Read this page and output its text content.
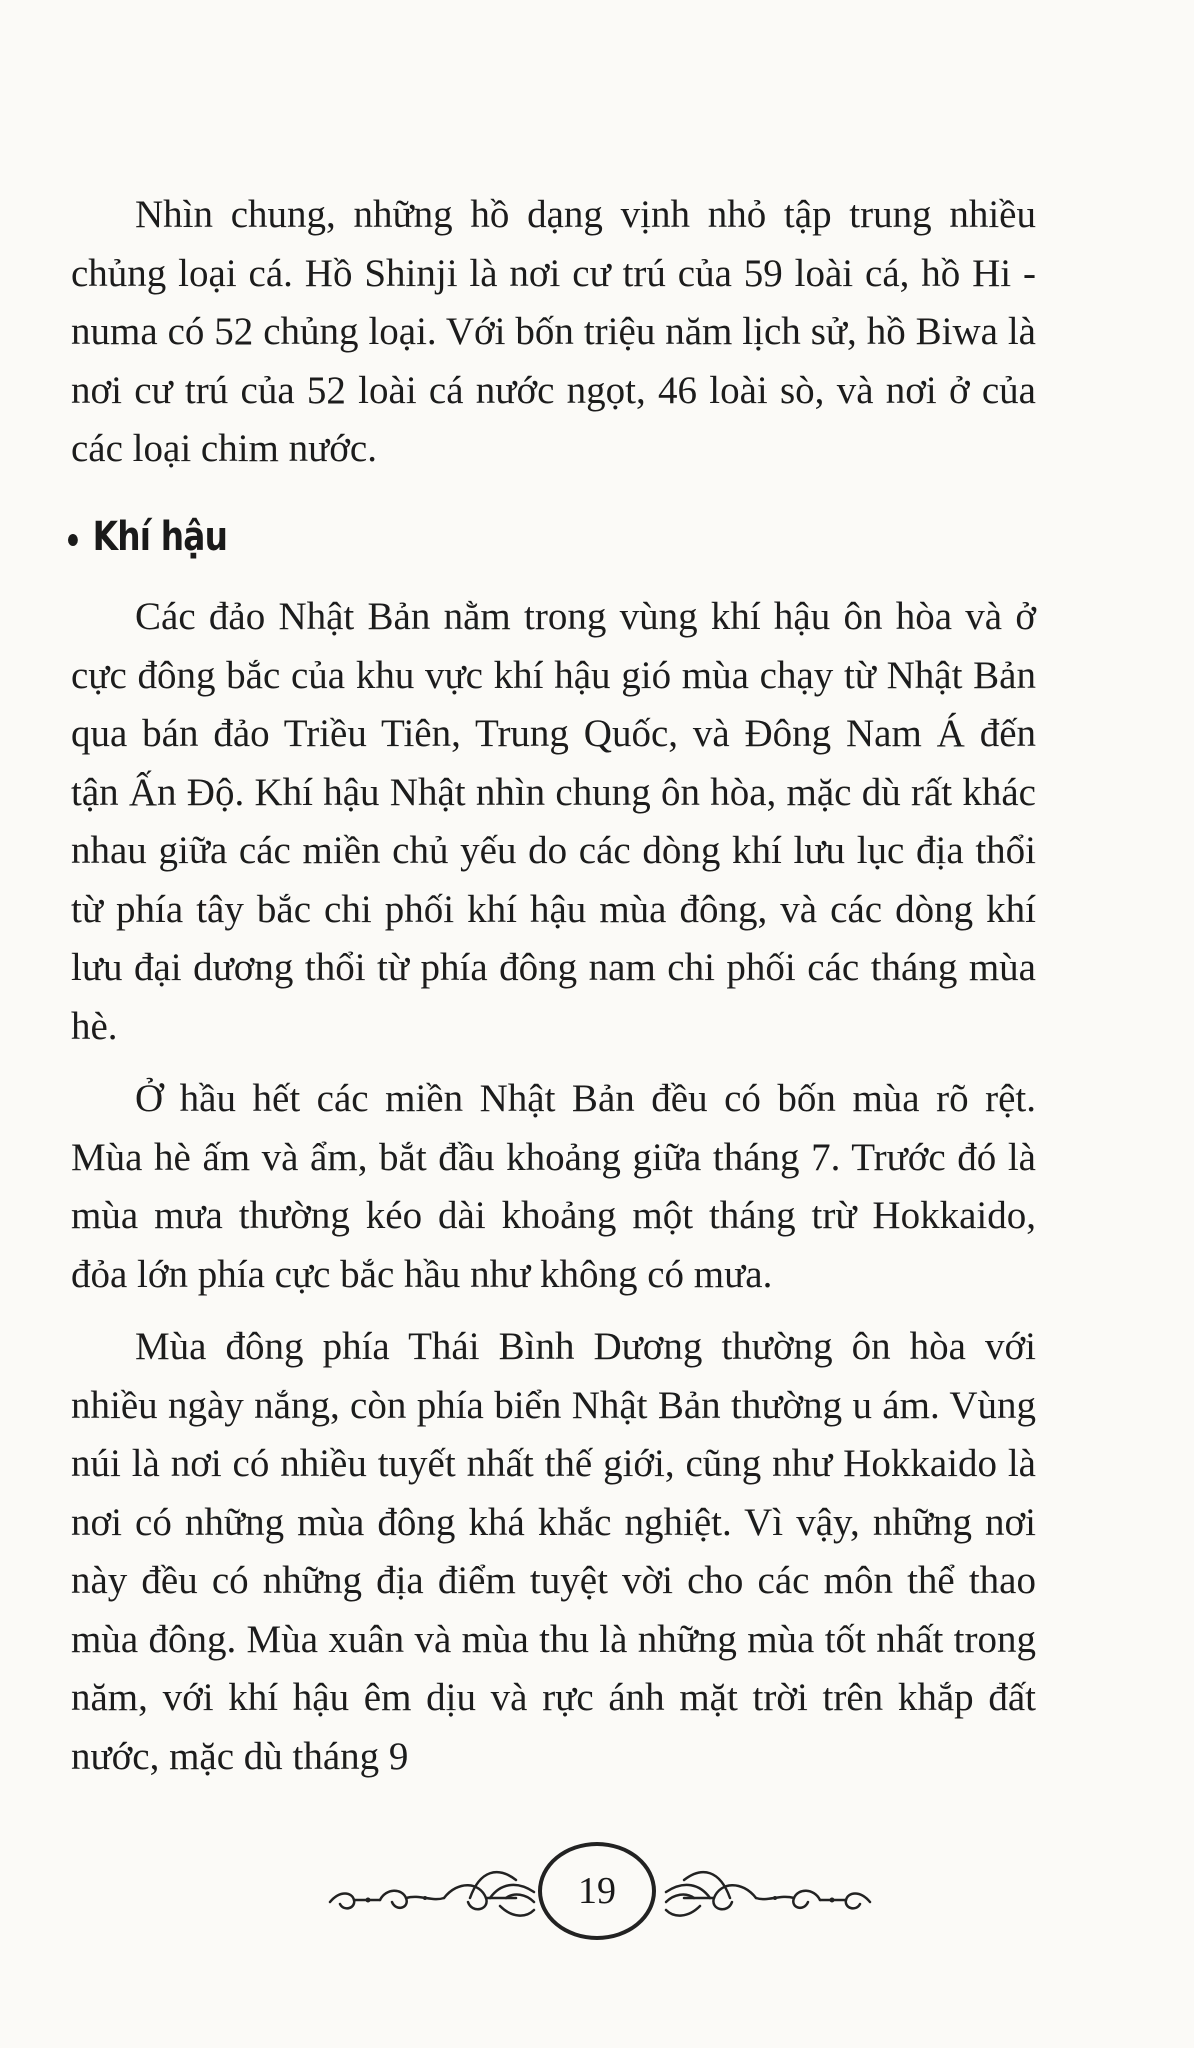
Nhìn chung, những hồ dạng vịnh nhỏ tập trung nhiều chủng loại cá. Hồ Shinji là nơi cư trú của 59 loài cá, hồ Hi - numa có 52 chủng loại. Với bốn triệu năm lịch sử, hồ Biwa là nơi cư trú của 52 loài cá nước ngọt, 46 loài sò, và nơi ở của các loại chim nước.

Khí hậu

Các đảo Nhật Bản nằm trong vùng khí hậu ôn hòa và ở cực đông bắc của khu vực khí hậu gió mùa chạy từ Nhật Bản qua bán đảo Triều Tiên, Trung Quốc, và Đông Nam Á đến tận Ấn Độ. Khí hậu Nhật nhìn chung ôn hòa, mặc dù rất khác nhau giữa các miền chủ yếu do các dòng khí lưu lục địa thổi từ phía tây bắc chi phối khí hậu mùa đông, và các dòng khí lưu đại dương thổi từ phía đông nam chi phối các tháng mùa hè.

Ở hầu hết các miền Nhật Bản đều có bốn mùa rõ rệt. Mùa hè ấm và ẩm, bắt đầu khoảng giữa tháng 7. Trước đó là mùa mưa thường kéo dài khoảng một tháng trừ Hokkaido, đỏa lớn phía cực bắc hầu như không có mưa.

Mùa đông phía Thái Bình Dương thường ôn hòa với nhiều ngày nắng, còn phía biển Nhật Bản thường u ám. Vùng núi là nơi có nhiều tuyết nhất thế giới, cũng như Hokkaido là nơi có những mùa đông khá khắc nghiệt. Vì vậy, những nơi này đều có những địa điểm tuyệt vời cho các môn thể thao mùa đông. Mùa xuân và mùa thu là những mùa tốt nhất trong năm, với khí hậu êm dịu và rực ánh mặt trời trên khắp đất nước, mặc dù tháng 9

19
